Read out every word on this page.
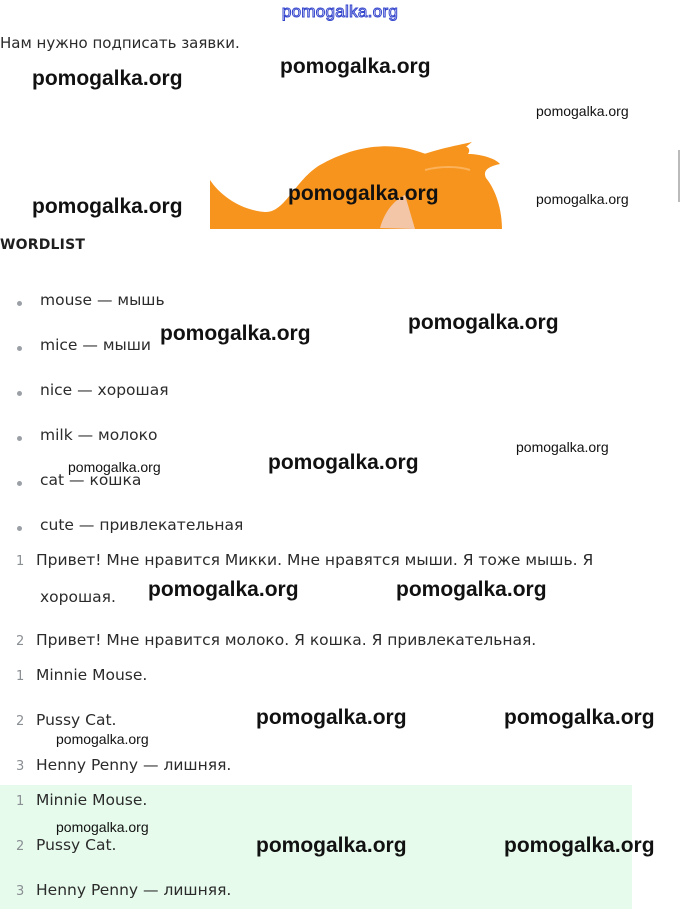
pomogalka.org
Нам нужно подписать заявки.
WORDLIST
mouse — мышь
mice — мыши
nice — хорошая
milk — молоко
cat — кошка
cute — привлекательная
1 Привет! Мне нравится Микки. Мне нравятся мыши. Я тоже мышь. Я
хорошая.
2 Привет! Мне нравится молоко. Я кошка. Я привлекательная.
1 Minnie Mouse.
2 Pussy Cat.
3 Henny Penny — лишняя.
1 Minnie Mouse.
2 Pussy Cat.
3 Henny Penny — лишняя.
pomogalka.org
pomogalka.org
pomogalka.org
pomogalka.org
pomogalka.org	pomogalka.org
pomogalka.org	pomogalka.org
pomogalka.org
pomogalka.org	pomogalka.org
pomogalka.org	pomogalka.org
pomogalka.org	pomogalka.org
pomogalka.org
pomogalka.org
pomogalka.org	pomogalka.org
